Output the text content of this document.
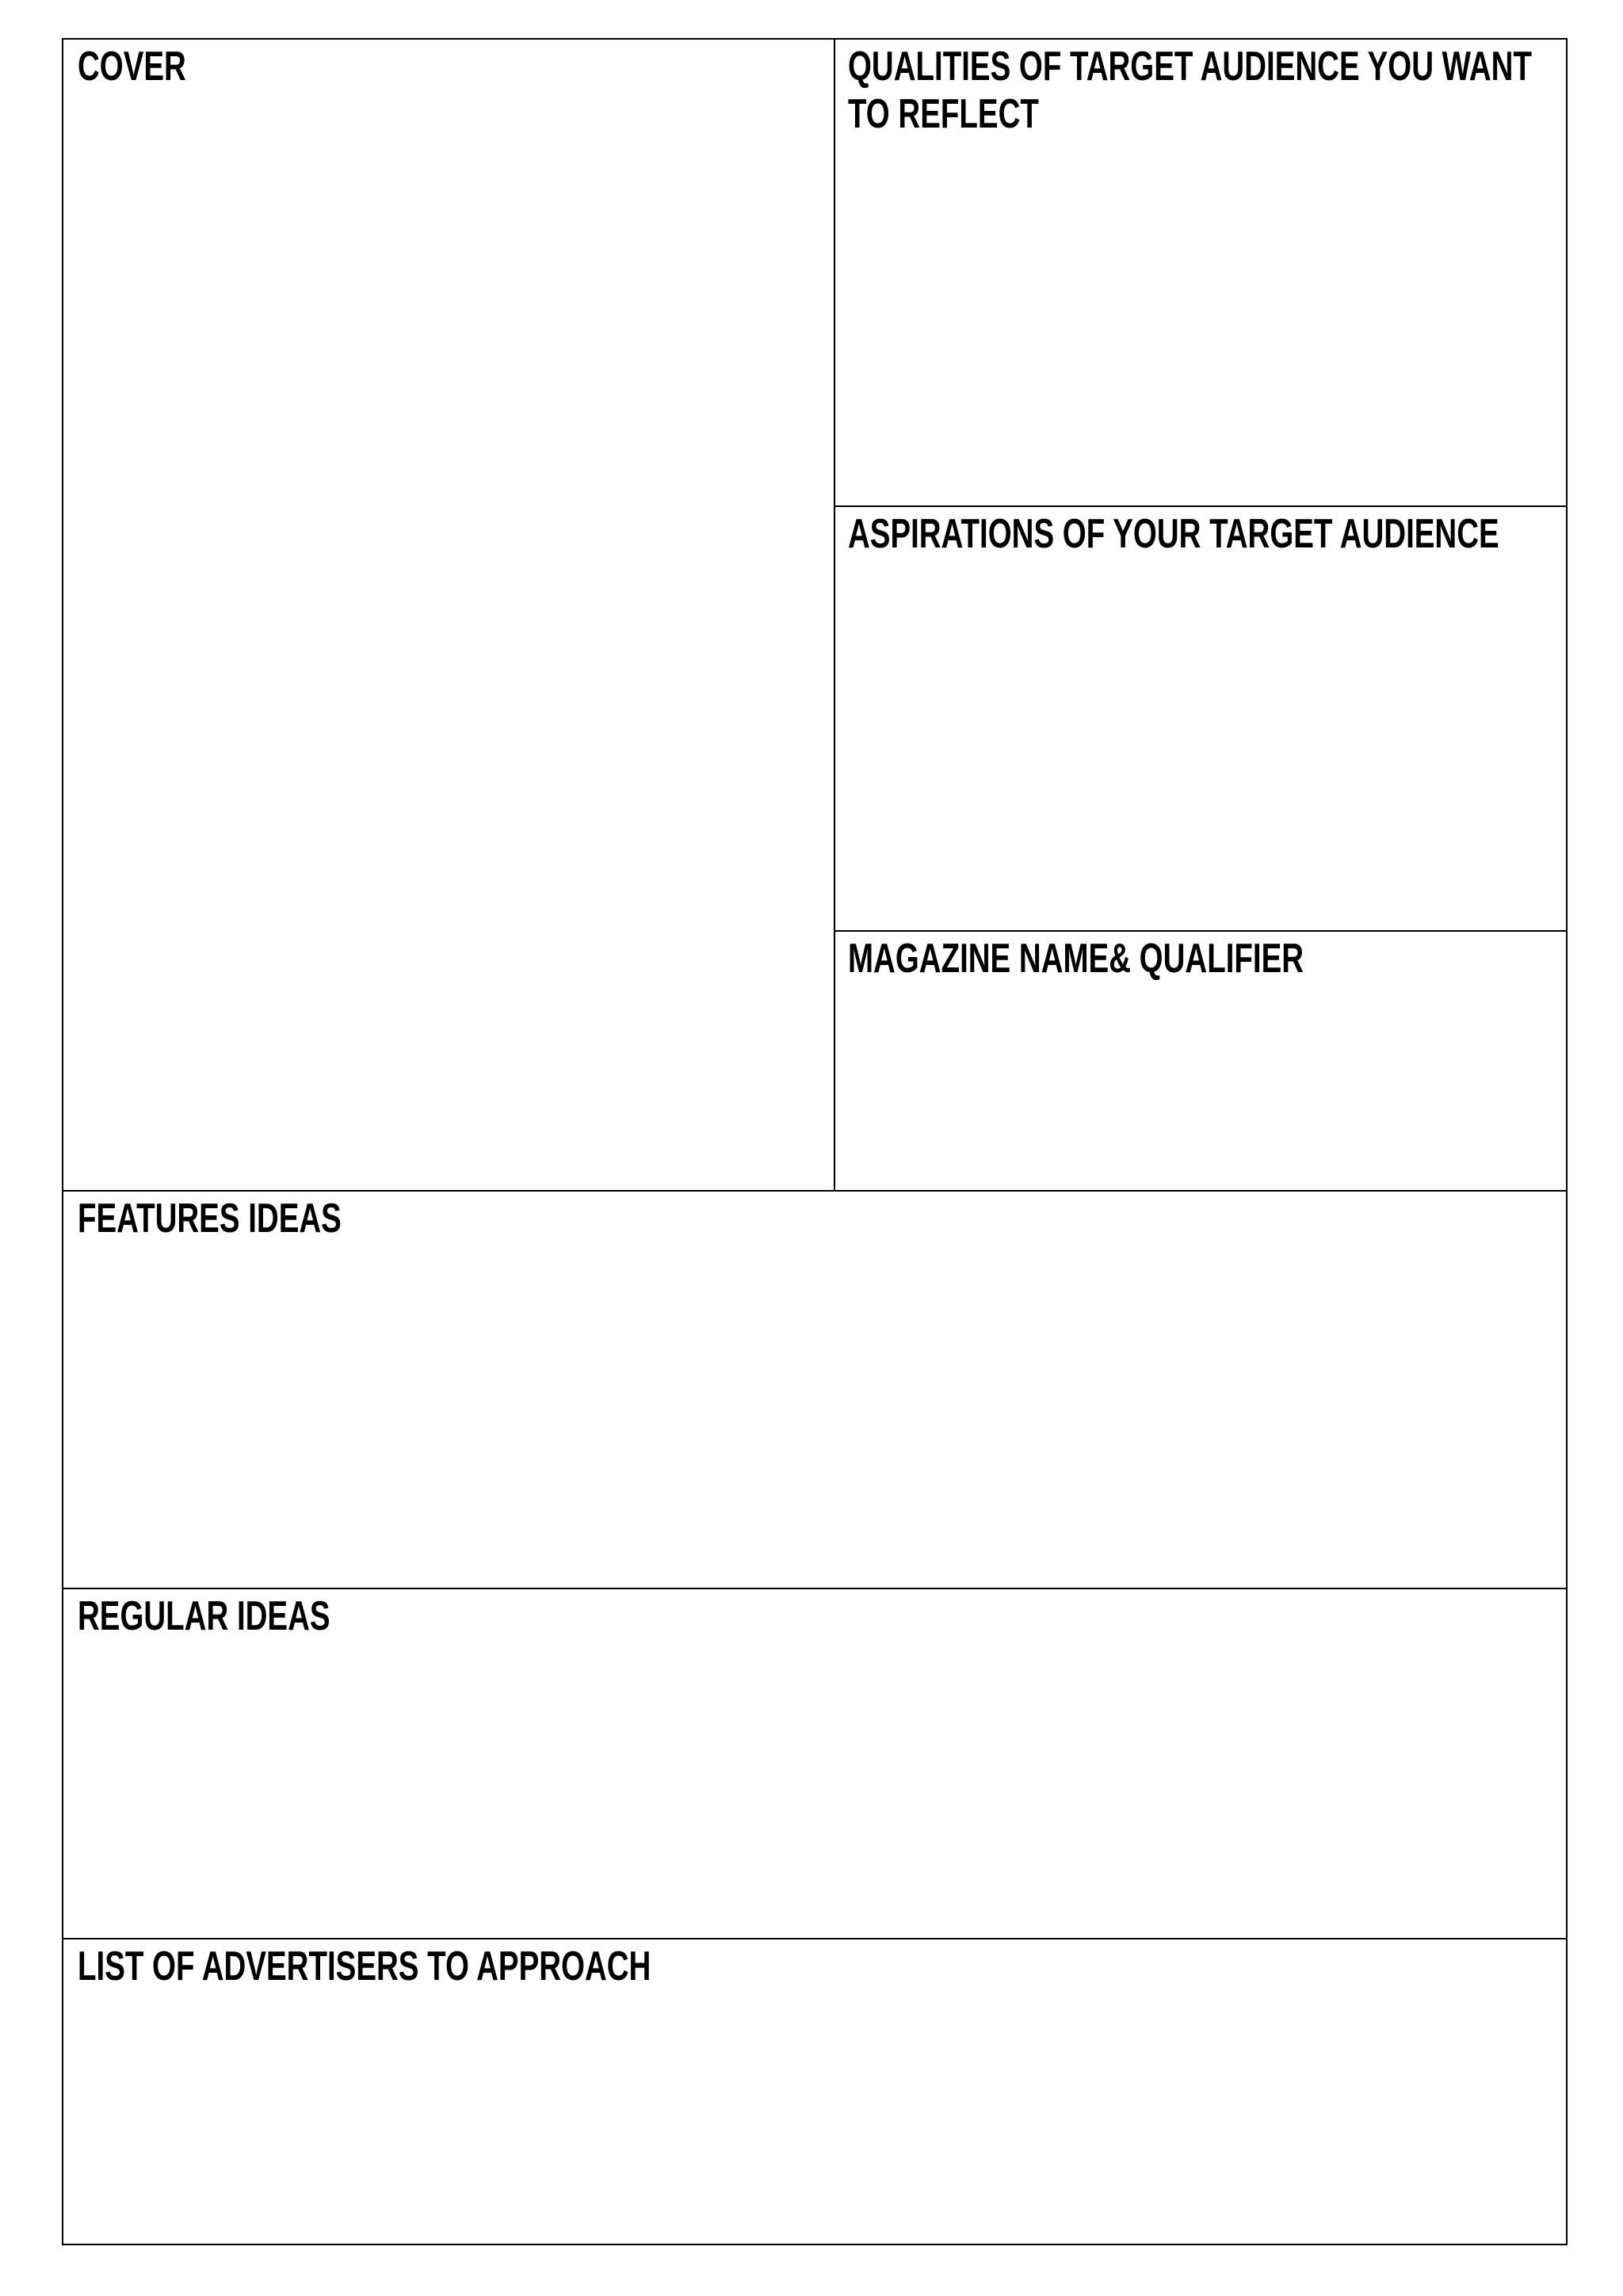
COVER	QUALITIES OF TARGET AUDIENCE YOU WANT TO REFLECT
ASPIRATIONS OF YOUR TARGET AUDIENCE
MAGAZINE NAME& QUALIFIER
FEATURES IDEAS
REGULAR IDEAS
LIST OF ADVERTISERS TO APPROACH
